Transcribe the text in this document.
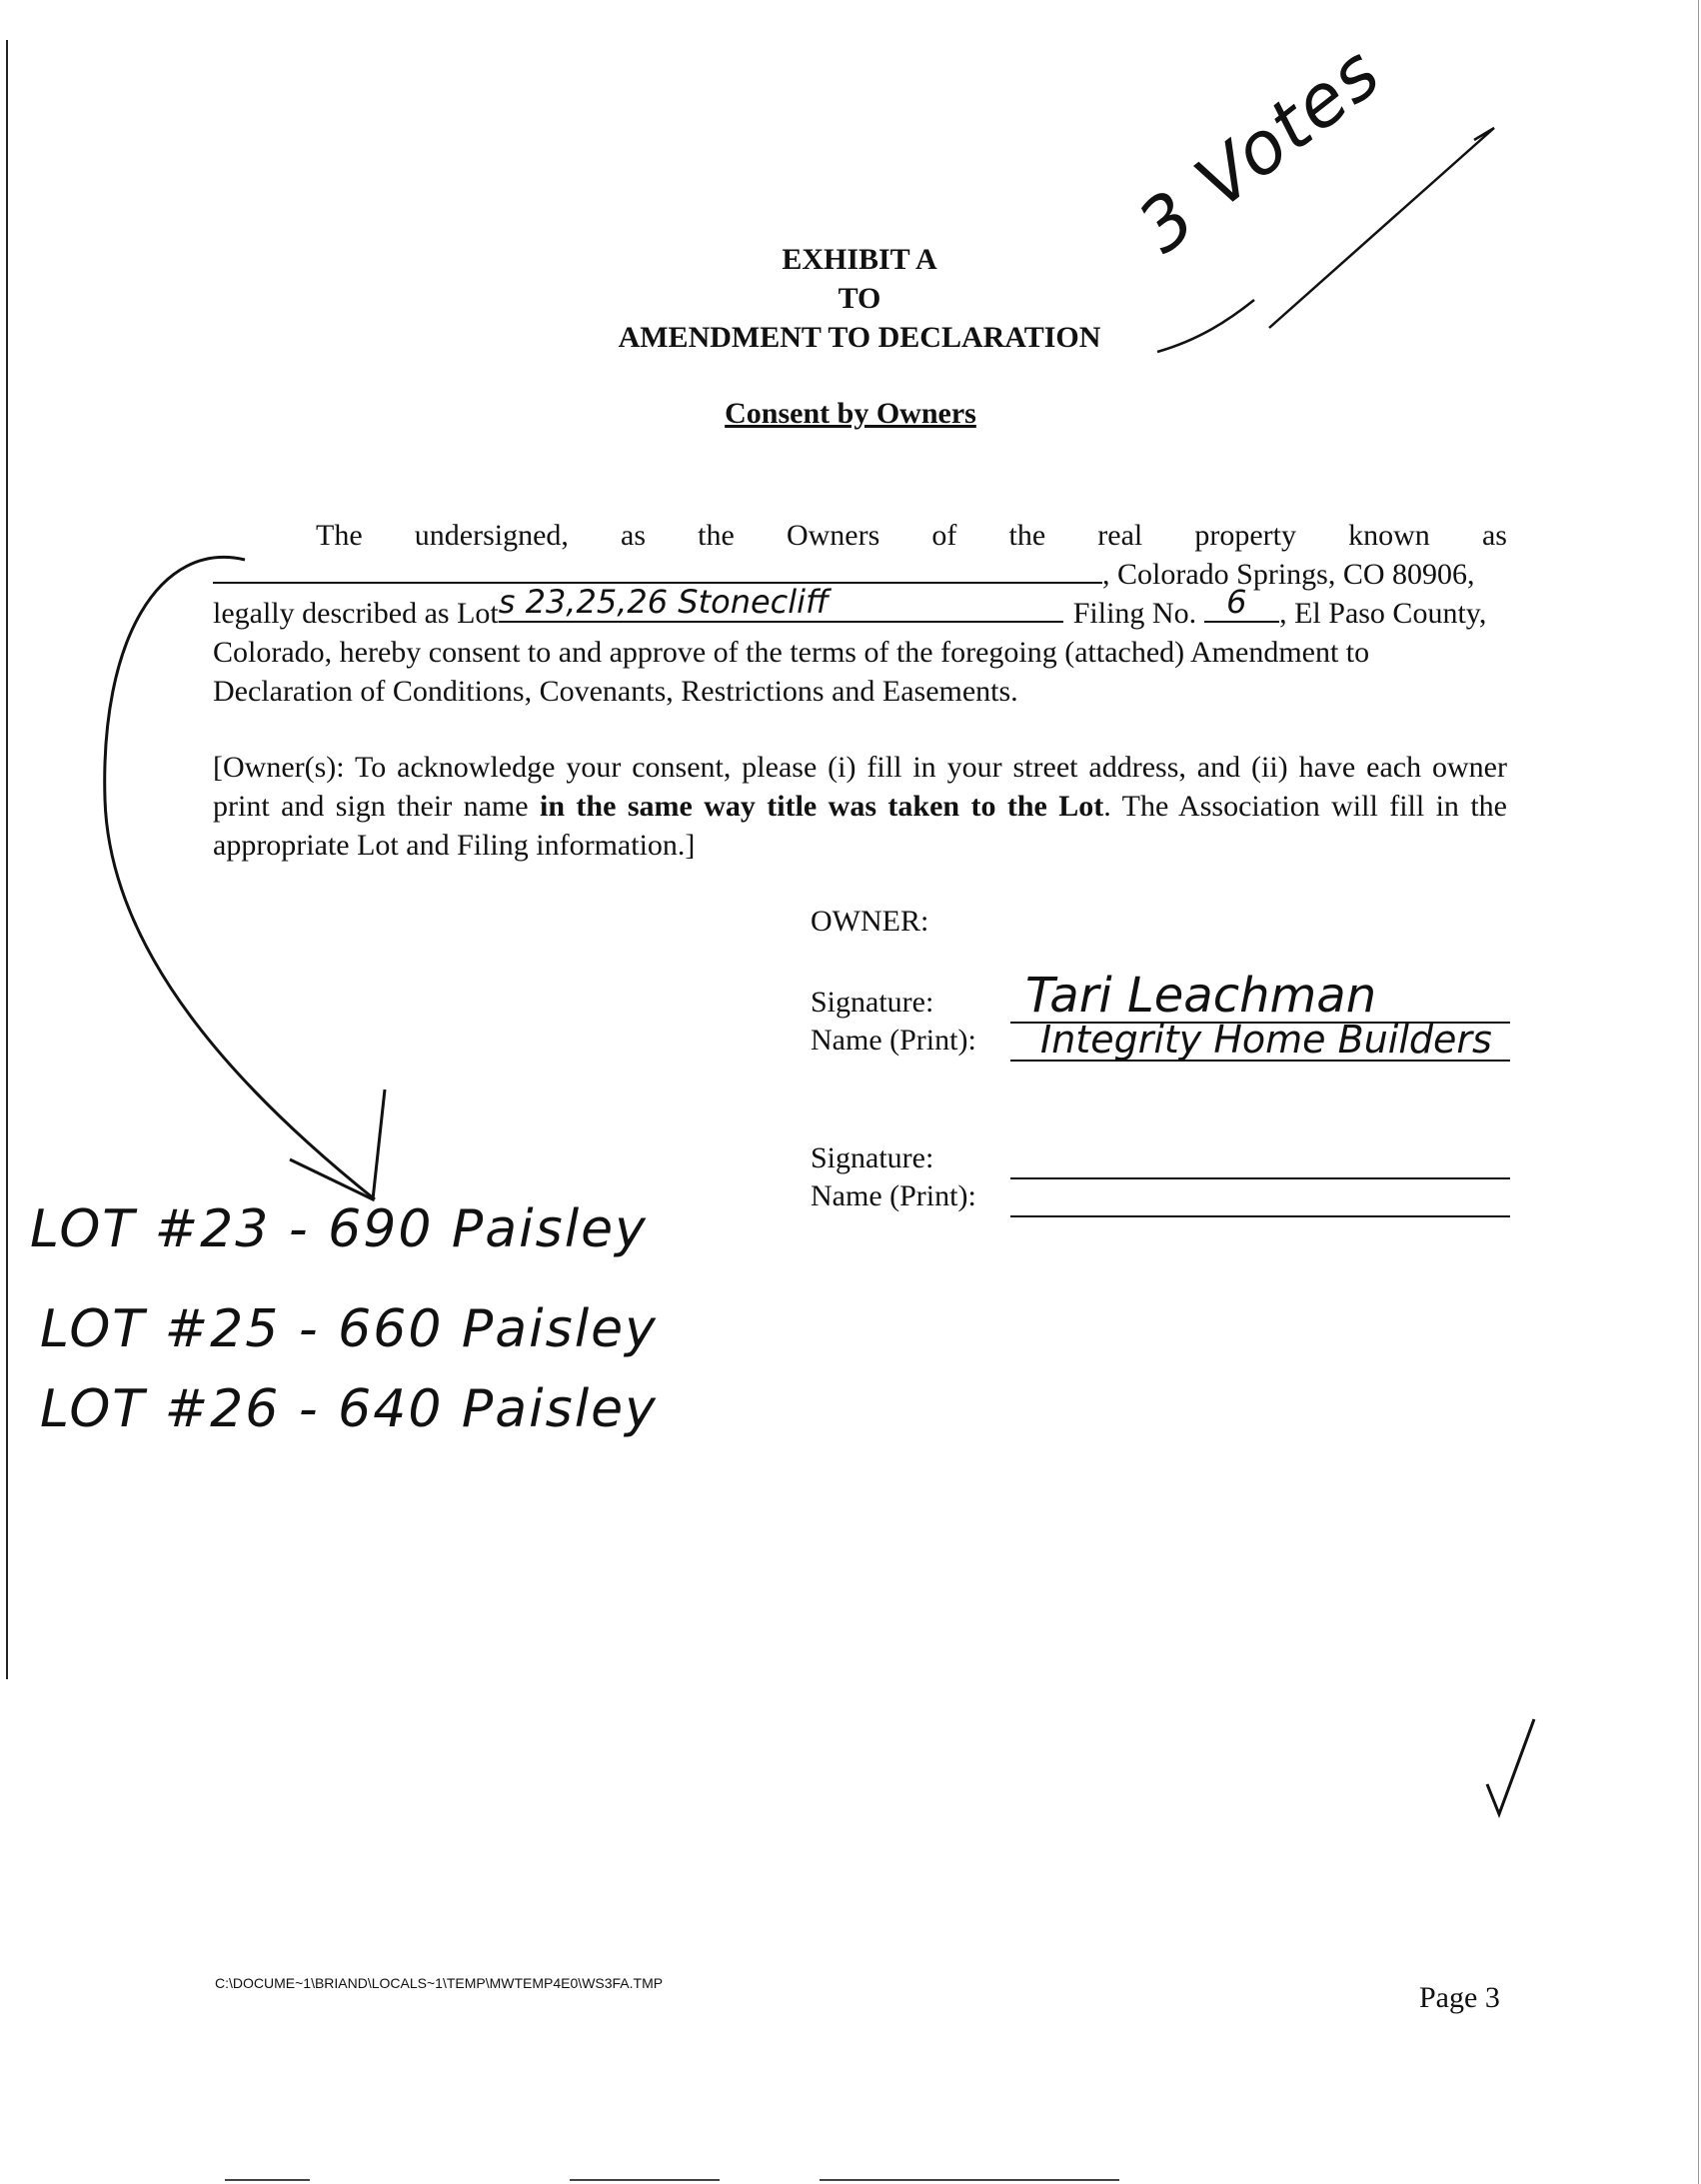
EXHIBIT A
TO
AMENDMENT TO DECLARATION
Consent by Owners
The undersigned, as the Owners of the real property known as
, Colorado Springs, CO 80906,
legally described as Lot s 23,25,26 Stonecliff	Filing No. 6 , El Paso County,
Colorado, hereby consent to and approve of the terms of the foregoing (attached) Amendment to
Declaration of Conditions, Covenants, Restrictions and Easements.
[Owner(s): To acknowledge your consent, please (i) fill in your street address, and (ii) have each owner print and sign their name in the same way title was taken to the Lot. The Association will fill in the appropriate Lot and Filing information.]
OWNER:
Signature: Tari Leachman
Name (Print): Integrity Home Builders
Signature:
Name (Print):
3 Votes
LOT #23 - 690 Paisley
LOT #25 - 660 Paisley
LOT #26 - 640 Paisley
C:\DOCUME~1\BRIAND\LOCALS~1\TEMP\MWTEMP4E0\WS3FA.TMP	Page 3
